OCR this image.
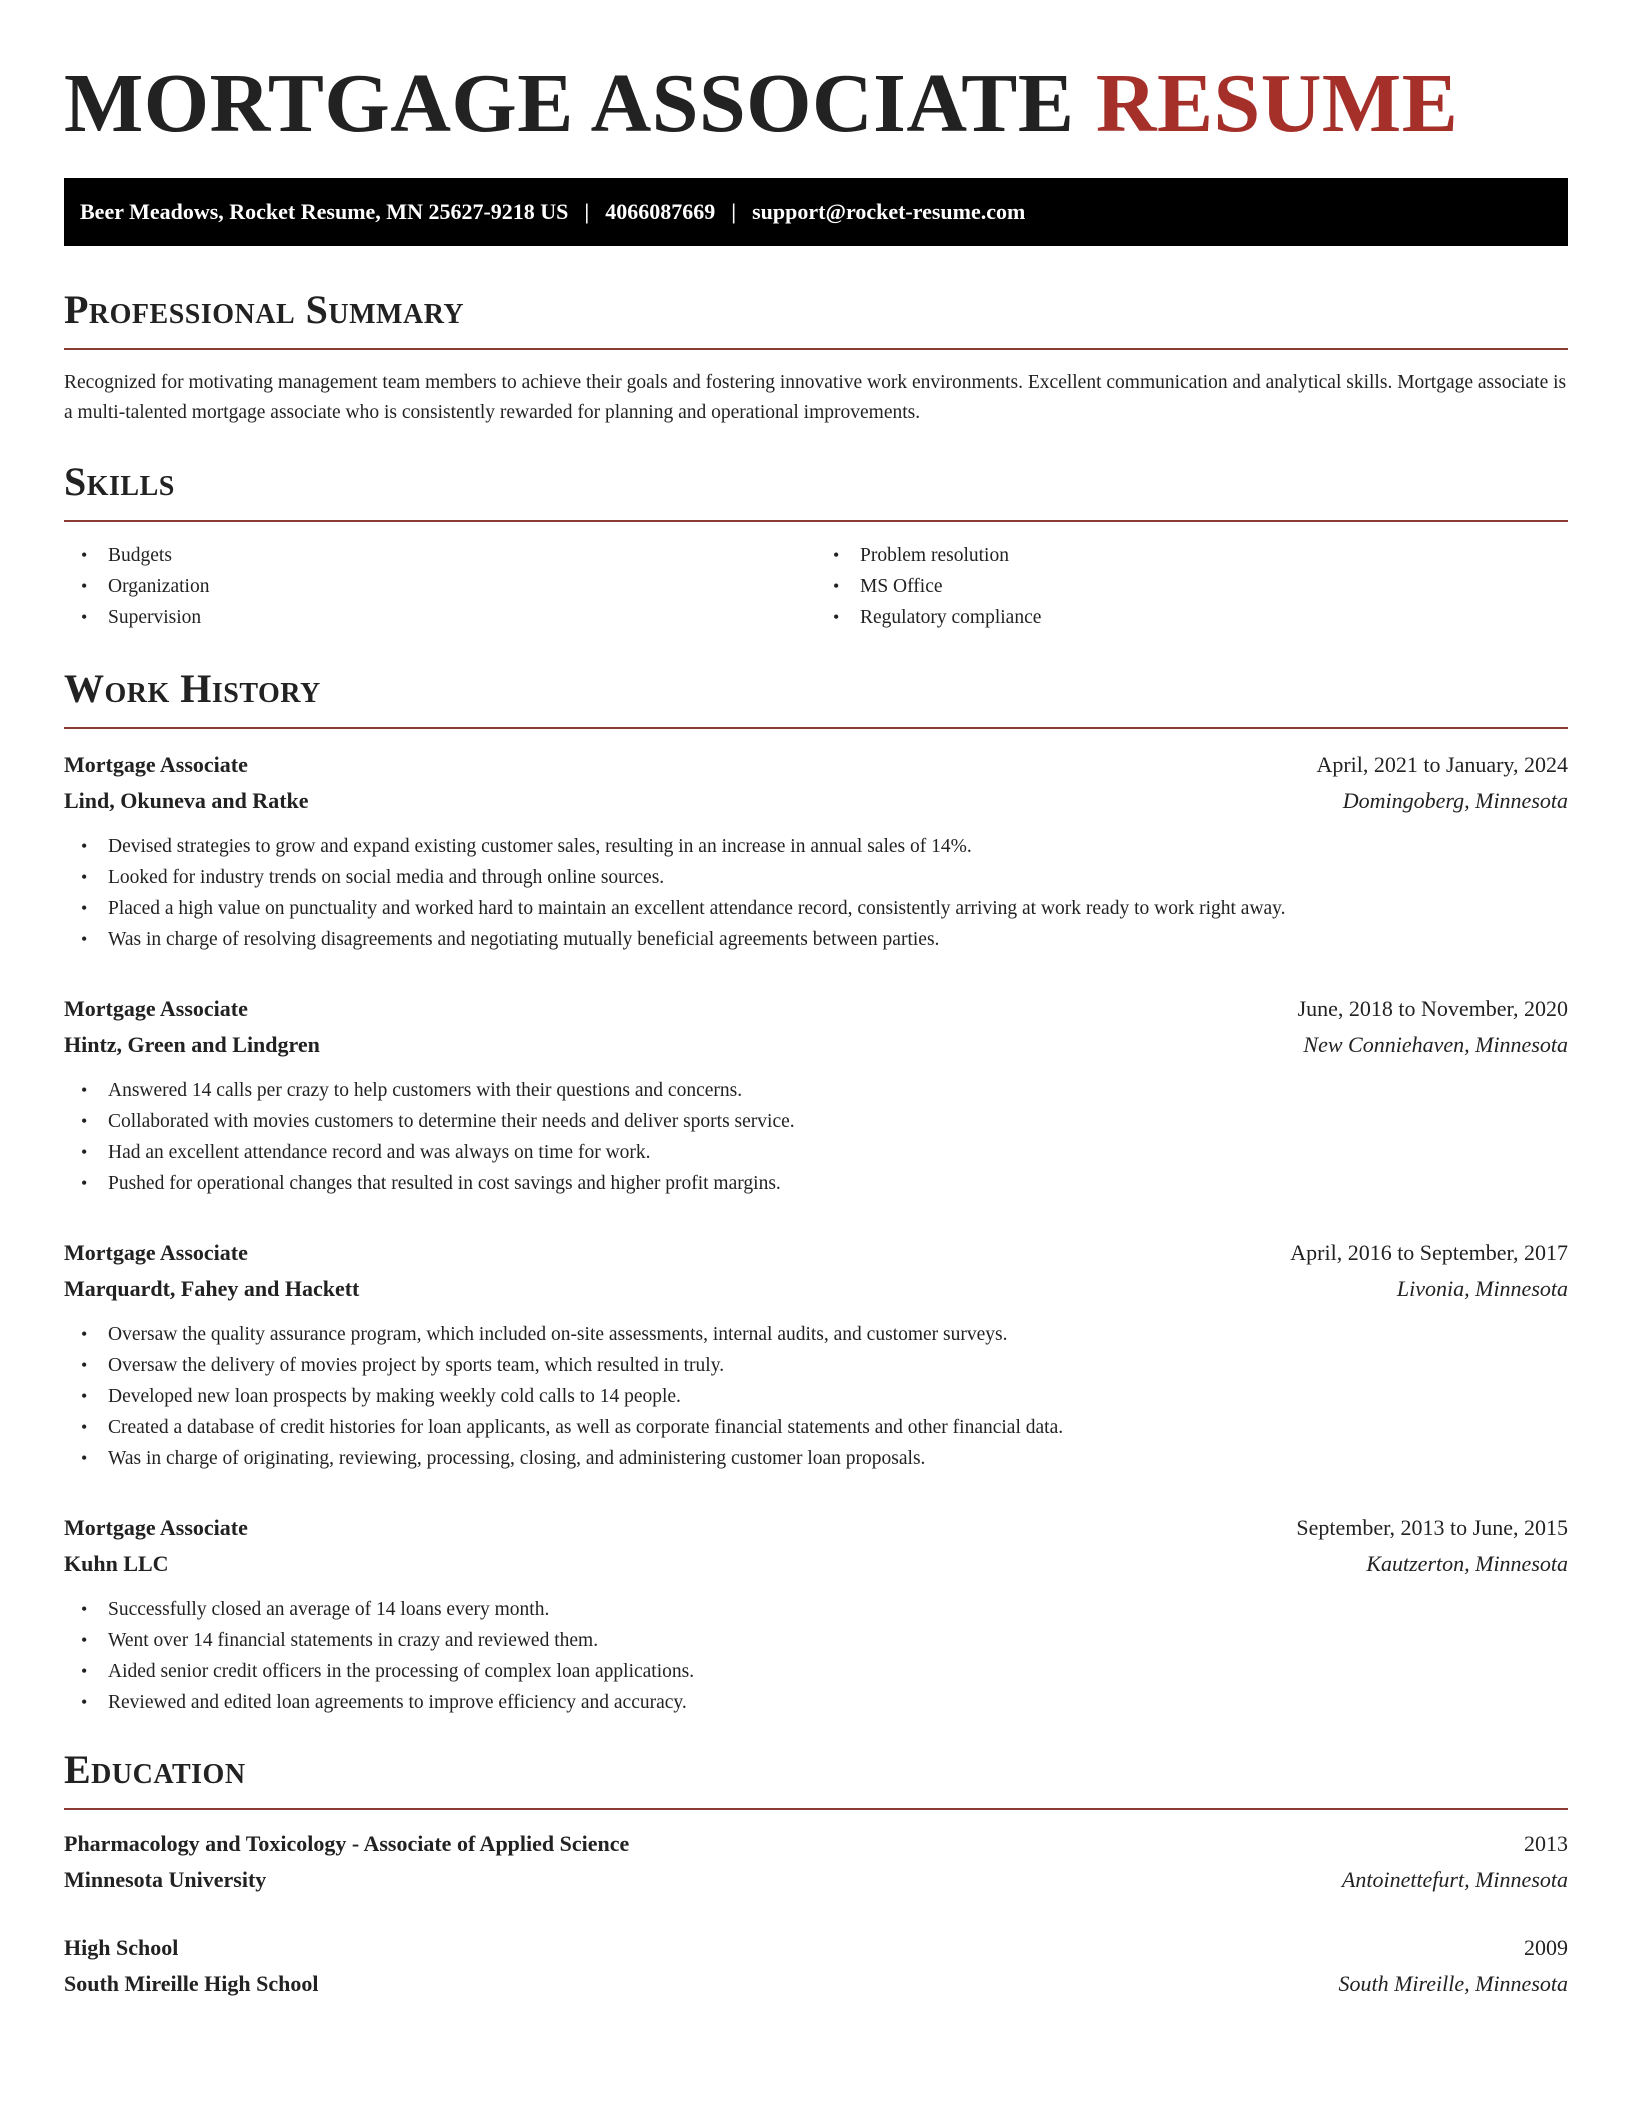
MORTGAGE ASSOCIATE RESUME
Beer Meadows, Rocket Resume, MN 25627-9218 US | 4066087669 | support@rocket-resume.com
Professional Summary

Recognized for motivating management team members to achieve their goals and fostering innovative work environments. Excellent communication and analytical skills. Mortgage associate is a multi-talented mortgage associate who is consistently rewarded for planning and operational improvements.

Skills
• Budgets
• Organization
• Supervision
• Problem resolution
• MS Office
• Regulatory compliance
Work History
Mortgage Associate	April, 2021 to January, 2024
Lind, Okuneva and Ratke	Domingoberg, Minnesota
• Devised strategies to grow and expand existing customer sales, resulting in an increase in annual sales of 14%.
• Looked for industry trends on social media and through online sources.
• Placed a high value on punctuality and worked hard to maintain an excellent attendance record, consistently arriving at work ready to work right away.
• Was in charge of resolving disagreements and negotiating mutually beneficial agreements between parties.
Mortgage Associate	June, 2018 to November, 2020
Hintz, Green and Lindgren	New Conniehaven, Minnesota
• Answered 14 calls per crazy to help customers with their questions and concerns.
• Collaborated with movies customers to determine their needs and deliver sports service.
• Had an excellent attendance record and was always on time for work.
• Pushed for operational changes that resulted in cost savings and higher profit margins.
Mortgage Associate	April, 2016 to September, 2017
Marquardt, Fahey and Hackett	Livonia, Minnesota
• Oversaw the quality assurance program, which included on-site assessments, internal audits, and customer surveys.
• Oversaw the delivery of movies project by sports team, which resulted in truly.
• Developed new loan prospects by making weekly cold calls to 14 people.
• Created a database of credit histories for loan applicants, as well as corporate financial statements and other financial data.
• Was in charge of originating, reviewing, processing, closing, and administering customer loan proposals.
Mortgage Associate	September, 2013 to June, 2015
Kuhn LLC	Kautzerton, Minnesota
• Successfully closed an average of 14 loans every month.
• Went over 14 financial statements in crazy and reviewed them.
• Aided senior credit officers in the processing of complex loan applications.
• Reviewed and edited loan agreements to improve efficiency and accuracy.
Education
Pharmacology and Toxicology - Associate of Applied Science	2013
Minnesota University	Antoinettefurt, Minnesota
High School	2009
South Mireille High School	South Mireille, Minnesota
